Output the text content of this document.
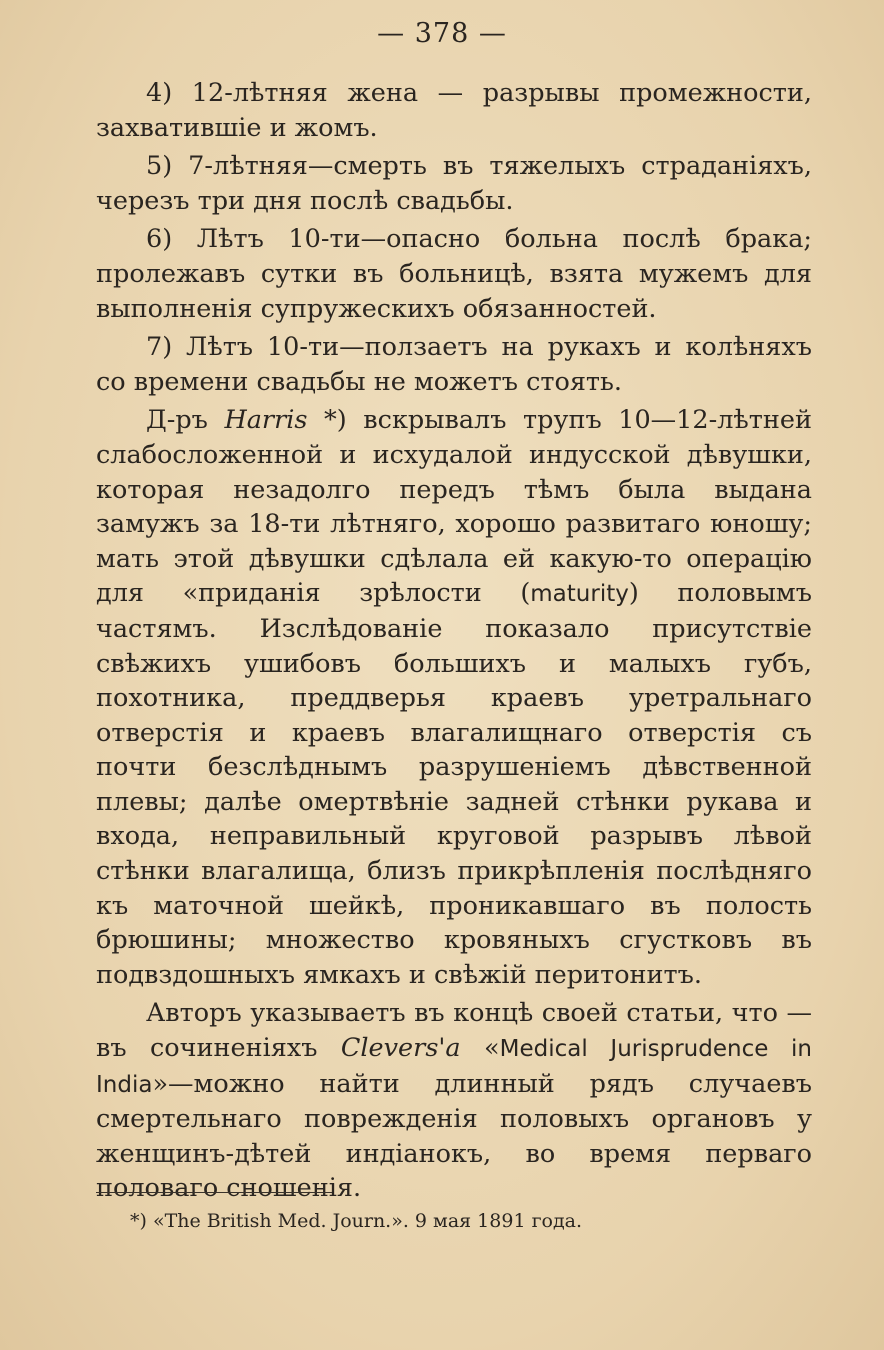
— 378 —

4) 12-лѣтняя жена — разрывы промежности, захватившіе и жомъ.

5) 7-лѣтняя—смерть въ тяжелыхъ страданіяхъ, черезъ три дня послѣ свадьбы.

6) Лѣтъ 10-ти—опасно больна послѣ брака; пролежавъ сутки въ больницѣ, взята мужемъ для выполненія супружескихъ обязанностей.

7) Лѣтъ 10-ти—ползаетъ на рукахъ и колѣняхъ со времени свадьбы не можетъ стоять.

Д-ръ Harris *) вскрывалъ трупъ 10—12-лѣтней слабосложенной и исхудалой индусской дѣвушки, которая незадолго передъ тѣмъ была выдана замужъ за 18-ти лѣтняго, хорошо развитаго юношу; мать этой дѣвушки сдѣлала ей какую-то операцію для «приданія зрѣлости (maturity) половымъ частямъ. Изслѣдованіе показало присутствіе свѣжихъ ушибовъ большихъ и малыхъ губъ, похотника, преддверья краевъ уретральнаго отверстія и краевъ влагалищнаго отверстія съ почти безслѣднымъ разрушеніемъ дѣвственной плевы; далѣе омертвѣніе задней стѣнки рукава и входа, неправильный круговой разрывъ лѣвой стѣнки влагалища, близъ прикрѣпленія послѣдняго къ маточной шейкѣ, проникавшаго въ полость брюшины; множество кровяныхъ сгустковъ въ подвздошныхъ ямкахъ и свѣжій перитонитъ.

Авторъ указываетъ въ концѣ своей статьи, что —въ сочиненіяхъ Clevers'a «Medical Jurisprudence in India»—можно найти длинный рядъ случаевъ смертельнаго поврежденія половыхъ органовъ у женщинъ-дѣтей индіанокъ, во время перваго половаго сношенія.

*) «The British Med. Journ.». 9 мая 1891 года.
